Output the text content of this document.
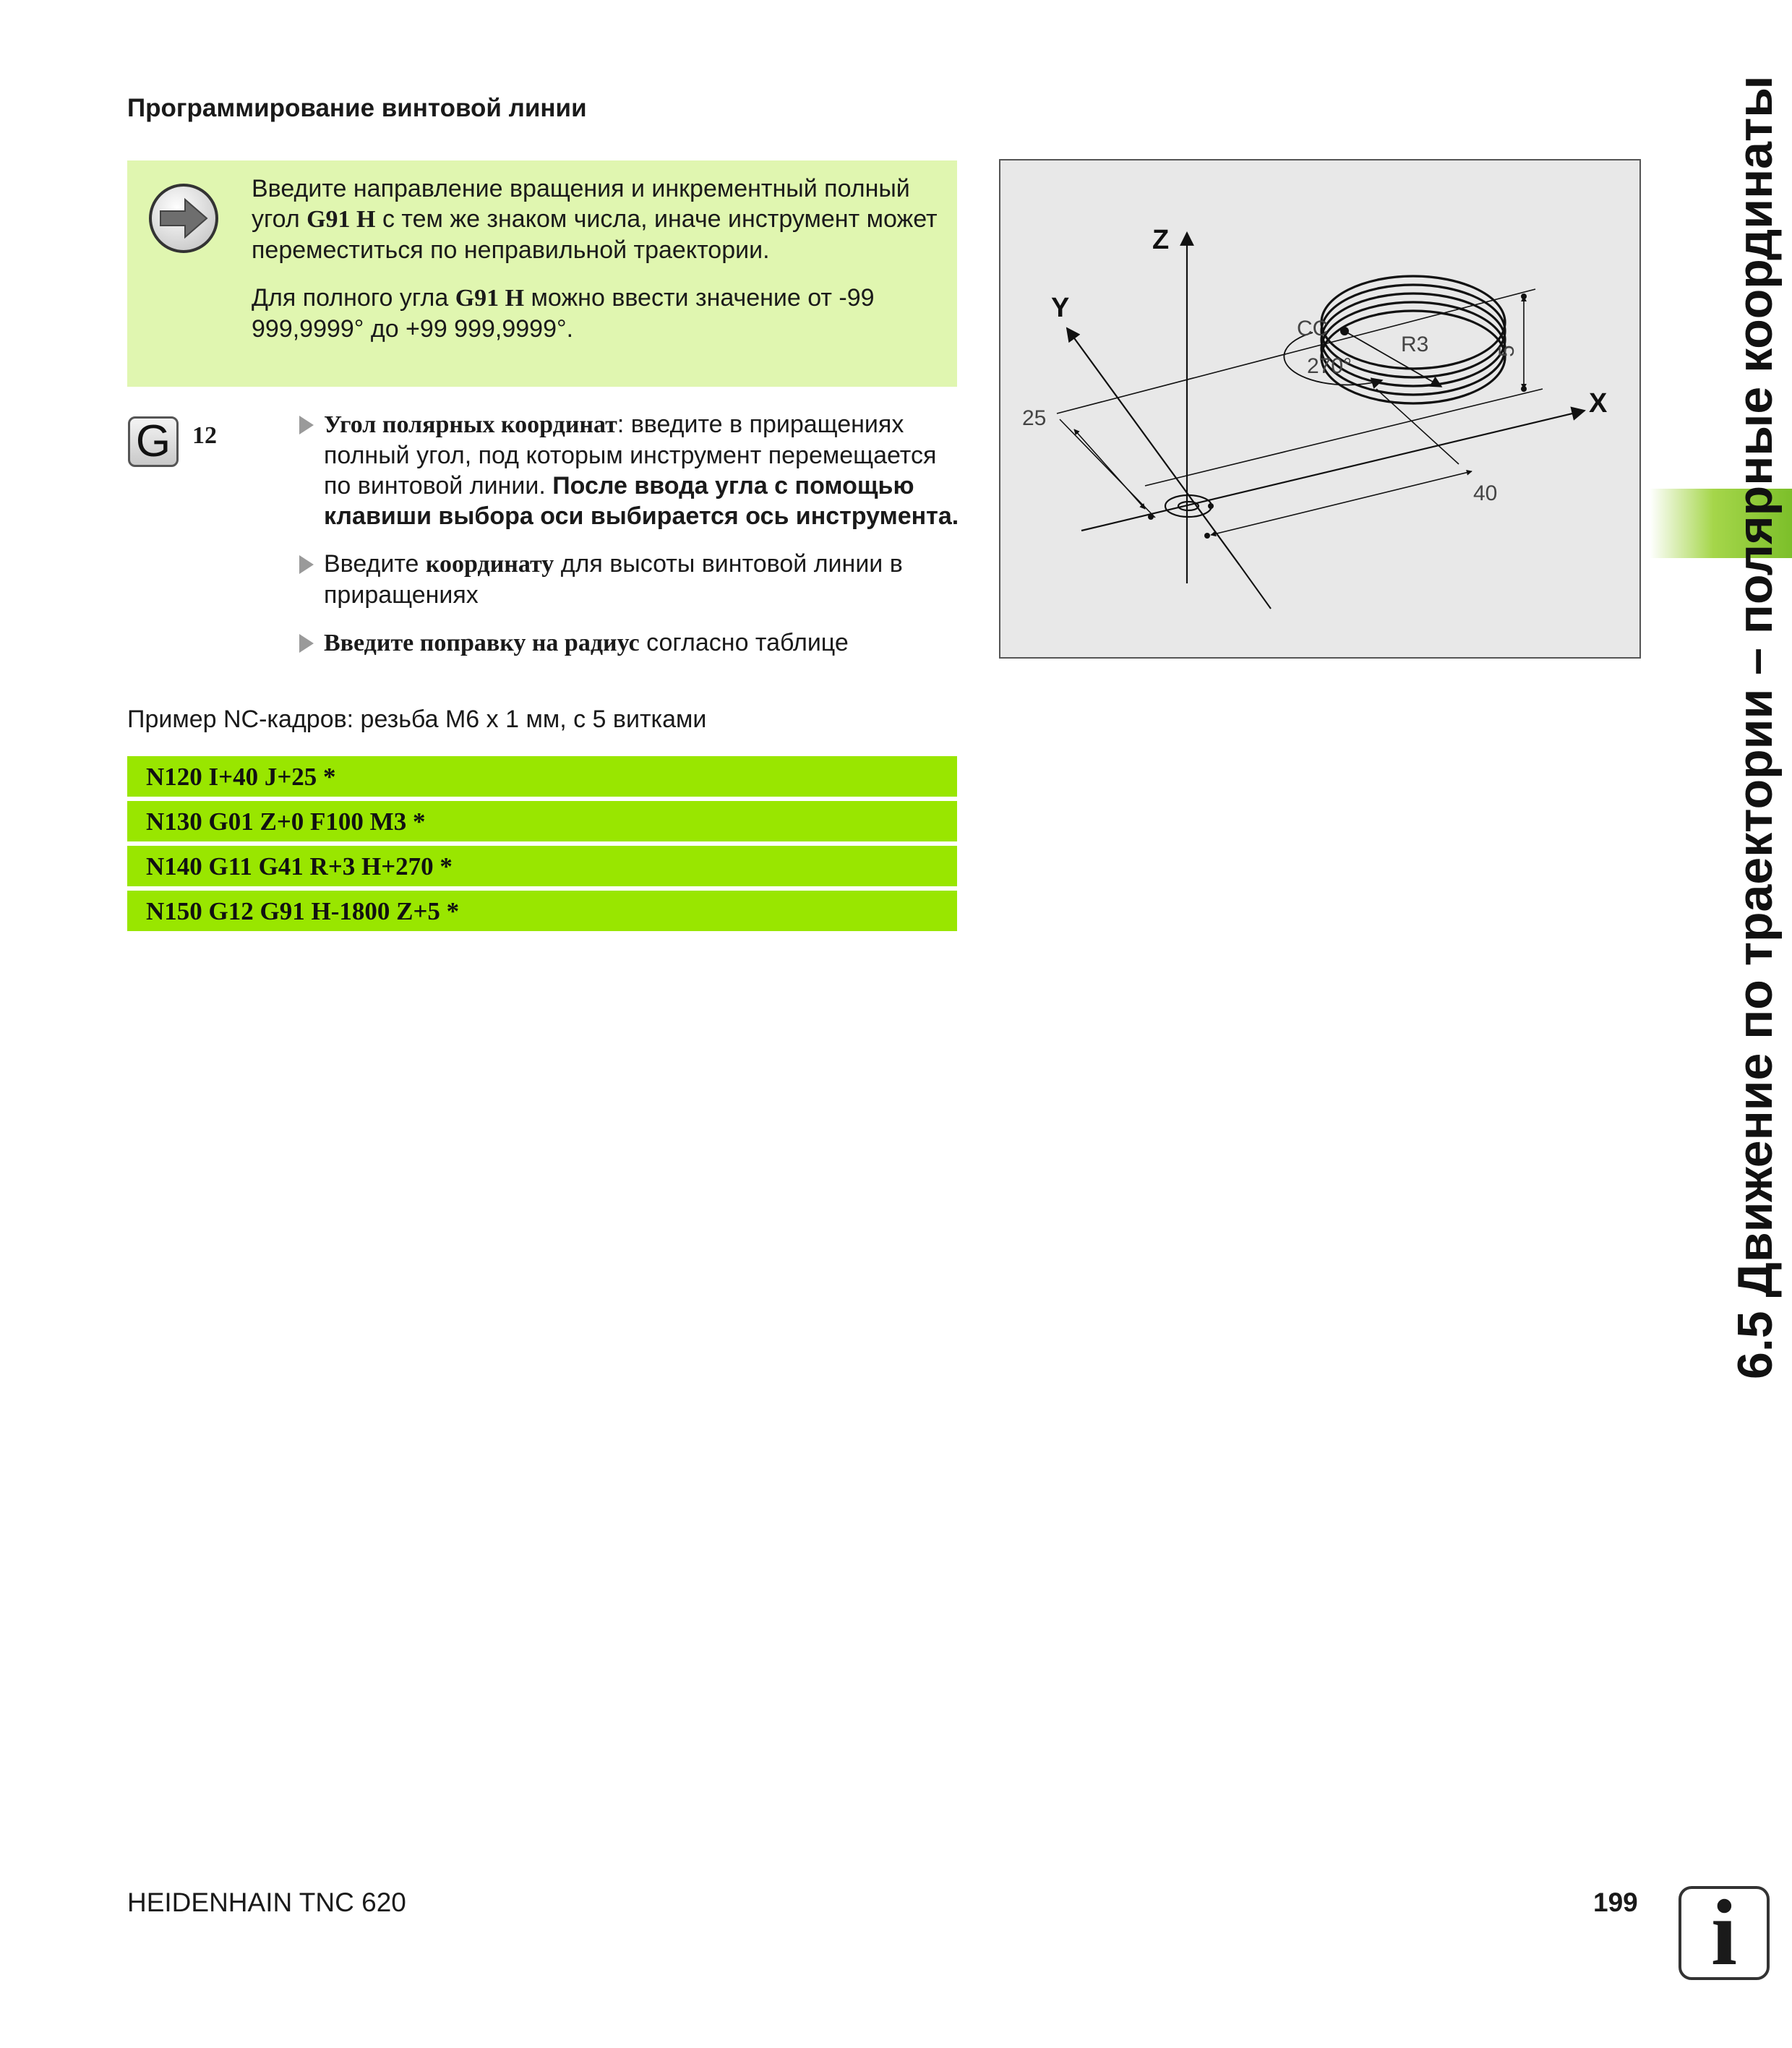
Программирование винтовой линии

Введите направление вращения и инкрементный полный угол G91 H с тем же знаком числа, иначе инструмент может переместиться по неправильной траектории.

Для полного угла G91 H можно ввести значение от -99 999,9999° до +99 999,9999°.

G 12	Угол полярных координат: введите в приращениях полный угол, под которым инструмент перемещается по винтовой линии. После ввода угла с помощью клавиши выбора оси выбирается ось инструмента.
Введите координату для высоты винтовой линии в приращениях
Введите поправку на радиус согласно таблице

Пример NC-кадров: резьба M6 x 1 мм, с 5 витками

N120 I+40 J+25 *
N130 G01 Z+0 F100 M3 *
N140 G11 G41 R+3 H+270 *
N150 G12 G91 H-1800 Z+5 *
Z
Y
X
CC
R3
270°
25
40
5	6.5 Движение по траектории – полярные координаты
HEIDENHAIN TNC 620	199 i
